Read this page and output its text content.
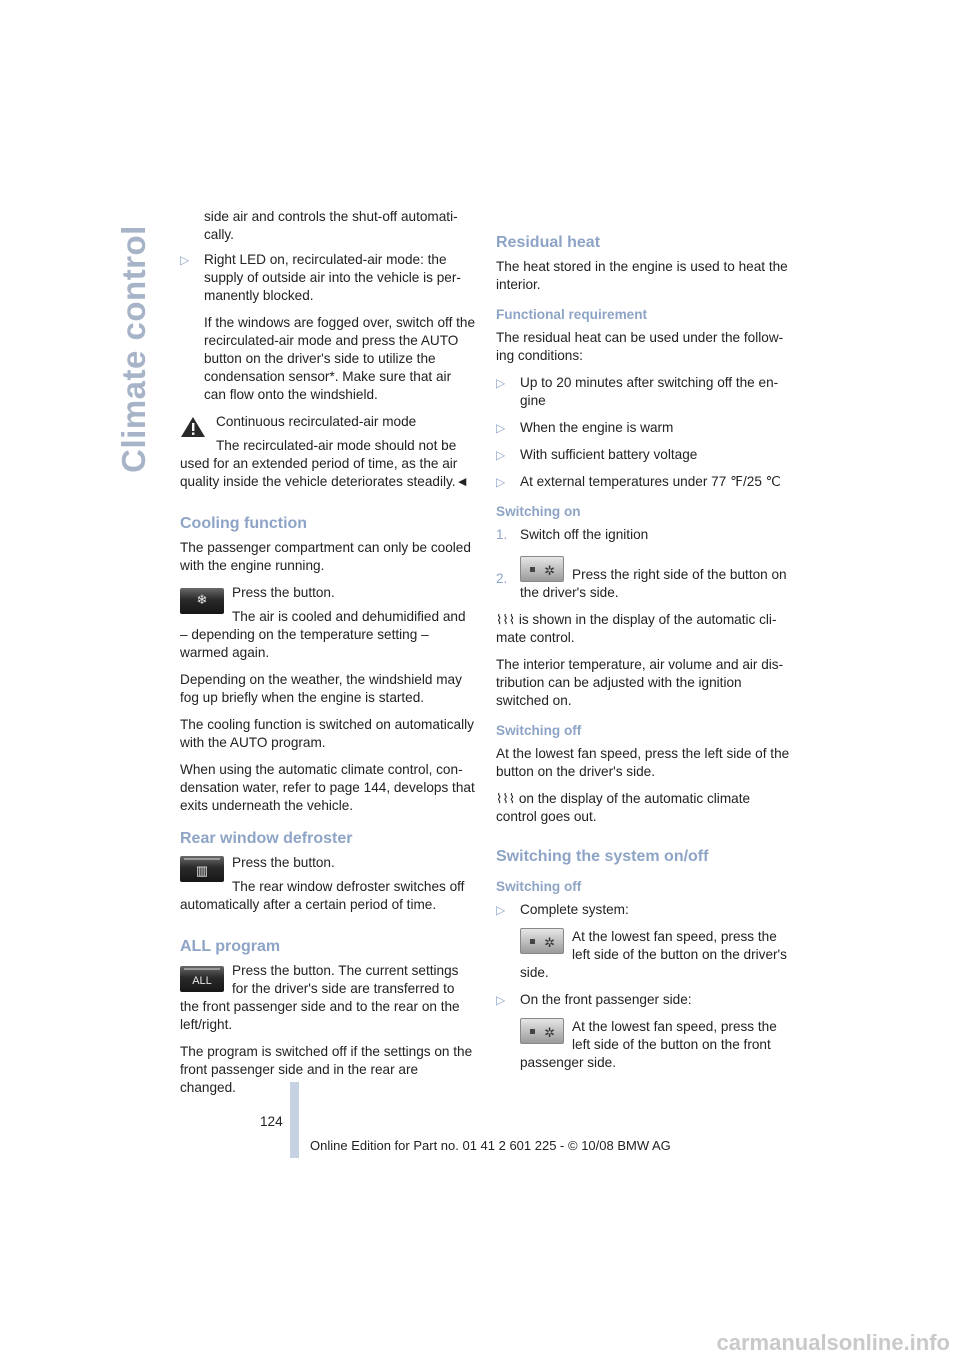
Climate control

side air and controls the shut-off automati-
cally.

▷ Right LED on, recirculated-air mode: the supply of outside air into the vehicle is permanently blocked.

If the windows are fogged over, switch off the recirculated-air mode and press the AUTO button on the driver's side to utilize the condensation sensor*. Make sure that air can flow onto the windshield.

Continuous recirculated-air mode

The recirculated-air mode should not be used for an extended period of time, as the air quality inside the vehicle deteriorates steadily.◄

Cooling function

The passenger compartment can only be cooled with the engine running.

❄	Press the button.

The air is cooled and dehumidified and – depending on the temperature setting – warmed again.

Depending on the weather, the windshield may fog up briefly when the engine is started.

The cooling function is switched on automatically with the AUTO program.

When using the automatic climate control, condensation water, refer to page 144, develops that exits underneath the vehicle.

Rear window defroster
▥

Press the button.

The rear window defroster switches off automatically after a certain period of time.

ALL program
ALL

Press the button. The current settings for the driver's side are transferred to the front passenger side and to the rear on the left/right.

The program is switched off if the settings on the front passenger side and in the rear are changed.

Residual heat

The heat stored in the engine is used to heat the interior.

Functional requirement

The residual heat can be used under the following conditions:

▷ Up to 20 minutes after switching off the engine
▷ When the engine is warm
▷ With sufficient battery voltage
▷ At external temperatures under 77 ℉/25 ℃
Switching on
1. Switch off the ignition
2.
✲	Press the right side of the button on the driver's side.

⌇⌇⌇ is shown in the display of the automatic climate control.

The interior temperature, air volume and air distribution can be adjusted with the ignition switched on.

Switching off

At the lowest fan speed, press the left side of the button on the driver's side.

⌇⌇⌇ on the display of the automatic climate control goes out.

Switching the system on/off
Switching off
▷ Complete system:
✲ At the lowest fan speed, press the left side of the button on the driver's side.
▷ On the front passenger side:
✲ At the lowest fan speed, press the left side of the button on the front passenger side.
124
Online Edition for Part no. 01 41 2 601 225 - © 10/08 BMW AG
carmanualsonline.info
